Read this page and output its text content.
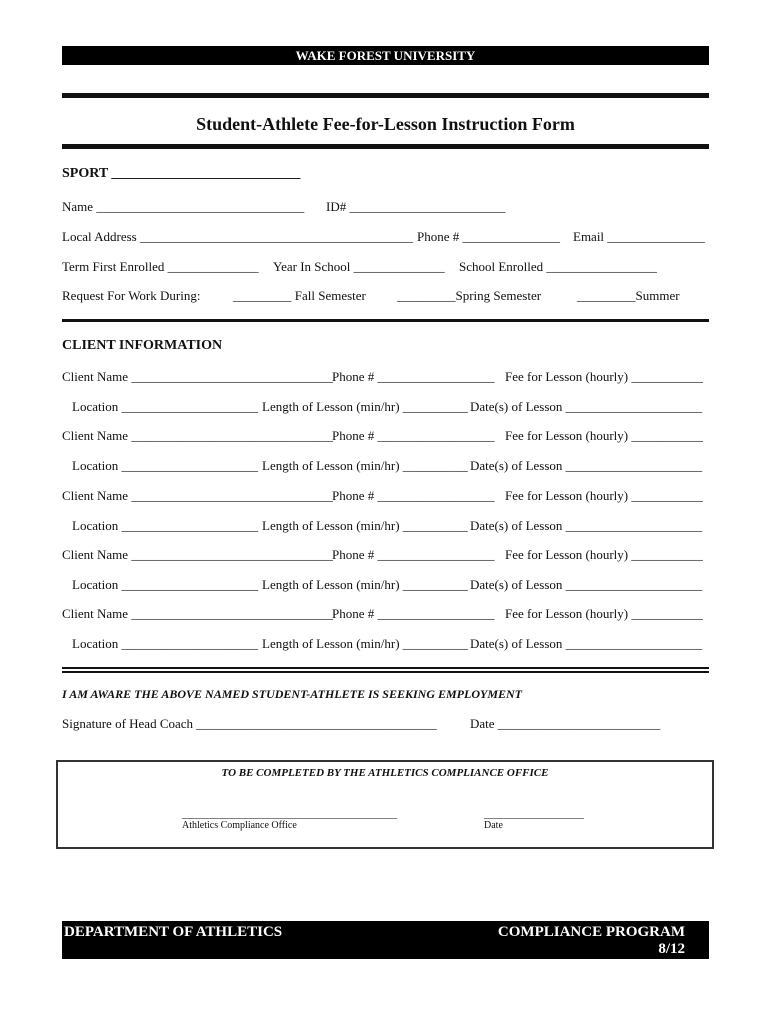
WAKE FOREST UNIVERSITY
Student-Athlete Fee-for-Lesson Instruction Form
SPORT ___________________________
Name ________________________________ ID# ________________________
Local Address __________________________________________ Phone # _______________ Email _______________
Term First Enrolled ______________ Year In School ______________ School Enrolled _________________
Request For Work During:	_________ Fall Semester _________Spring Semester	_________Summer
CLIENT INFORMATION
Client Name _______________________________ Phone # __________________ Fee for Lesson (hourly) ___________
Location _____________________ Length of Lesson (min/hr) __________ Date(s) of Lesson _____________________
Client Name _______________________________ Phone # __________________ Fee for Lesson (hourly) ___________
Location _____________________ Length of Lesson (min/hr) __________ Date(s) of Lesson _____________________
Client Name _______________________________ Phone # __________________ Fee for Lesson (hourly) ___________
Location _____________________ Length of Lesson (min/hr) __________ Date(s) of Lesson _____________________
Client Name _______________________________ Phone # __________________ Fee for Lesson (hourly) ___________
Location _____________________ Length of Lesson (min/hr) __________ Date(s) of Lesson _____________________
Client Name _______________________________ Phone # __________________ Fee for Lesson (hourly) ___________
Location _____________________ Length of Lesson (min/hr) __________ Date(s) of Lesson _____________________
I AM AWARE THE ABOVE NAMED STUDENT-ATHLETE IS SEEKING EMPLOYMENT
Signature of Head Coach _____________________________________	Date _________________________
TO BE COMPLETED BY THE ATHLETICS COMPLIANCE OFFICE
___________________________________________
Athletics Compliance Office
____________________
Date
DEPARTMENT OF ATHLETICS	COMPLIANCE PROGRAM
8/12
